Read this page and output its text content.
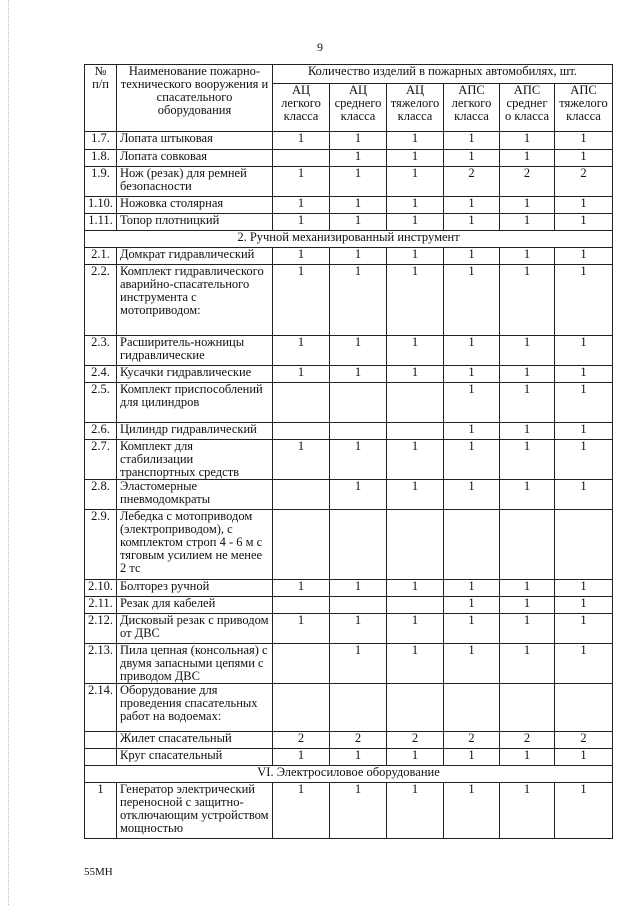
9
№ п/п	Наименование пожарно-технического вооружения и спасательного оборудования	Количество изделий в пожарных автомобилях, шт.					
		АЦ легкого класса	АЦ среднего класса	АЦ тяжелого класса	АПС легкого класса	АПС среднег о класса	АПС тяжелого класса
1.7.	Лопата штыковая	1	1	1	1	1	1
1.8.	Лопата совковая		1	1	1	1	1
1.9.	Нож (резак) для ремней безопасности	1	1	1	2	2	2
1.10.	Ножовка столярная	1	1	1	1	1	1
1.11.	Топор плотницкий	1	1	1	1	1	1
2. Ручной механизированный инструмент							
2.1.	Домкрат гидравлический	1	1	1	1	1	1
2.2.	Комплект гидравлического аварийно-спасательного инструмента с мотоприводом:	1	1	1	1	1	1
2.3.	Расширитель-ножницы гидравлические	1	1	1	1	1	1
2.4.	Кусачки гидравлические	1	1	1	1	1	1
2.5.	Комплект приспособлений для цилиндров				1	1	1
2.6.	Цилиндр гидравлический				1	1	1
2.7.	Комплект для стабилизации транспортных средств	1	1	1	1	1	1
2.8.	Эластомерные пневмодомкраты		1	1	1	1	1
2.9.	Лебедка с мотоприводом (электроприводом), с комплектом строп 4 - 6 м с тяговым усилием не менее 2 тс						
2.10.	Болторез ручной	1	1	1	1	1	1
2.11.	Резак для кабелей				1	1	1
2.12.	Дисковый резак с приводом от ДВС	1	1	1	1	1	1
2.13.	Пила цепная (консольная) с двумя запасными цепями с приводом ДВС		1	1	1	1	1
2.14.	Оборудование для проведения спасательных работ на водоемах:						
	Жилет спасательный	2	2	2	2	2	2
	Круг спасательный	1	1	1	1	1	1
VI. Электросиловое оборудование							
1	Генератор электрический переносной с защитно-отключающим устройством мощностью	1	1	1	1	1	1
55МН
